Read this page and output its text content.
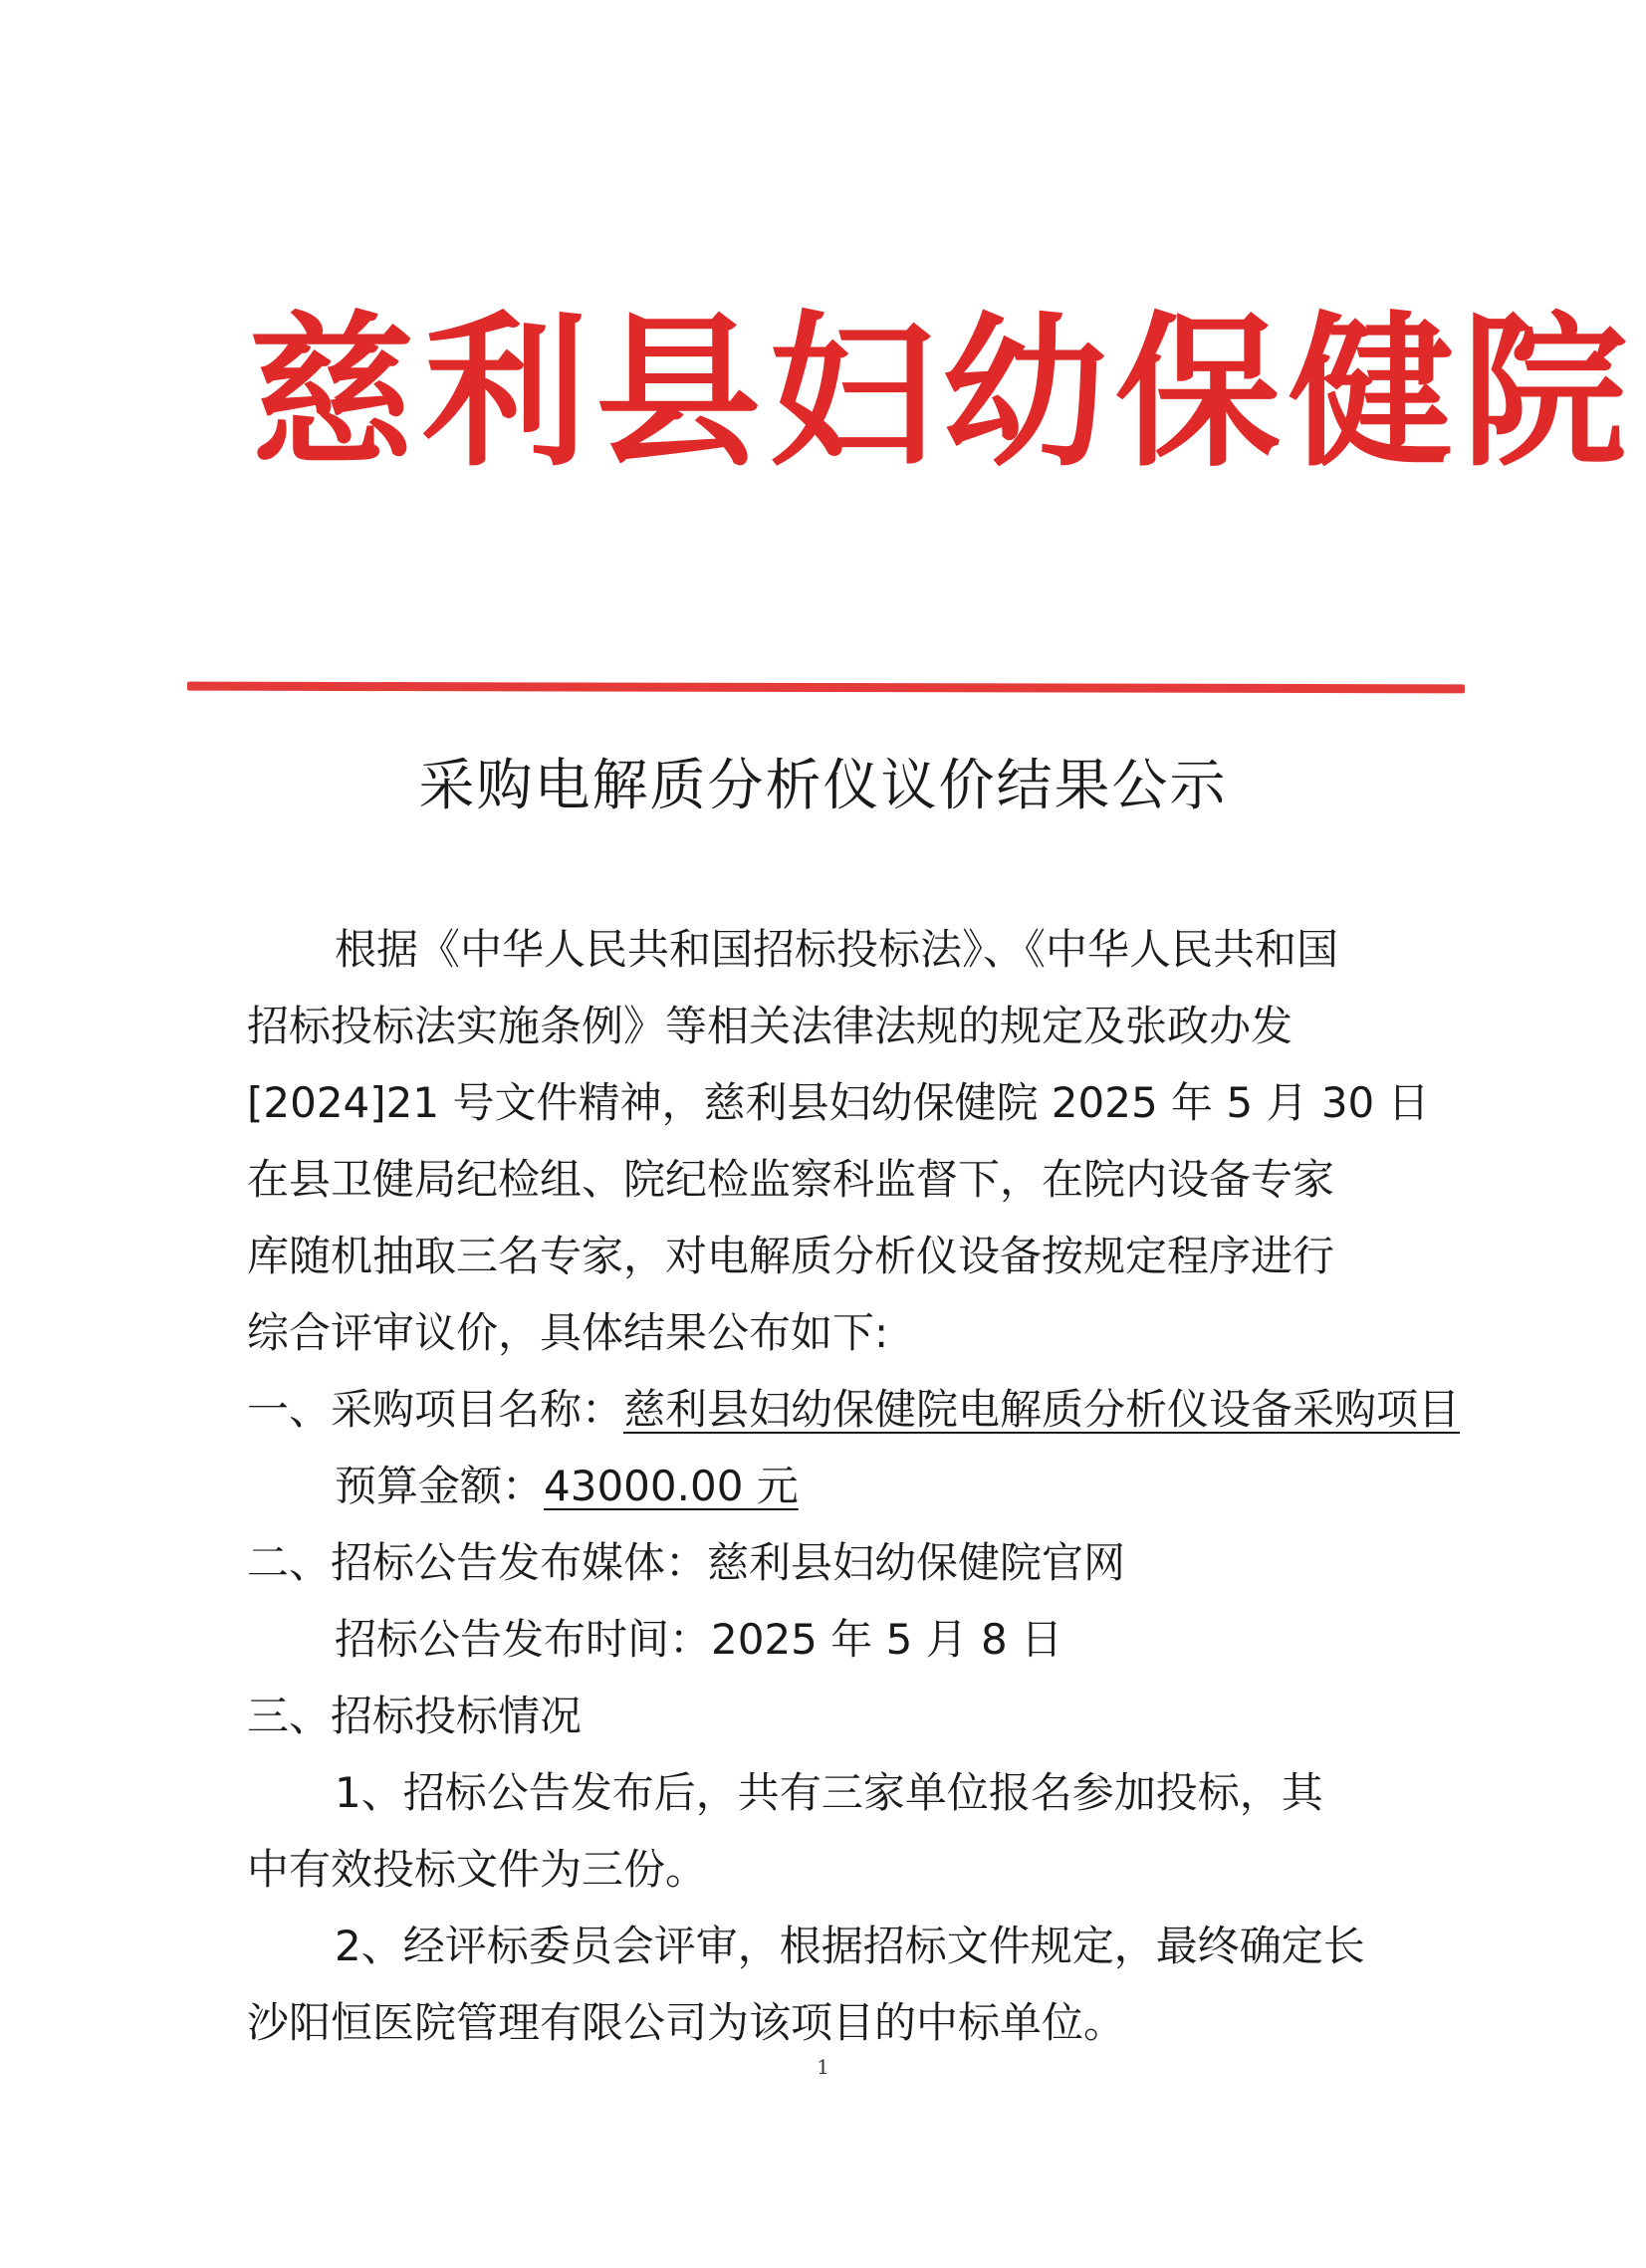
慈利县妇幼保健院
采购电解质分析仪议价结果公示
根据《中华人民共和国招标投标法》、《中华人民共和国
招标投标法实施条例》等相关法律法规的规定及张政办发
[2024]21 号文件精神，慈利县妇幼保健院 2025 年 5 月 30 日
在县卫健局纪检组、院纪检监察科监督下，在院内设备专家
库随机抽取三名专家，对电解质分析仪设备按规定程序进行
综合评审议价，具体结果公布如下:
一、采购项目名称：慈利县妇幼保健院电解质分析仪设备采购项目
预算金额：43000.00 元
二、招标公告发布媒体：慈利县妇幼保健院官网
招标公告发布时间：2025 年 5 月 8 日
三、招标投标情况
1、招标公告发布后，共有三家单位报名参加投标，其
中有效投标文件为三份。
2、经评标委员会评审，根据招标文件规定，最终确定长
沙阳恒医院管理有限公司为该项目的中标单位。
1
